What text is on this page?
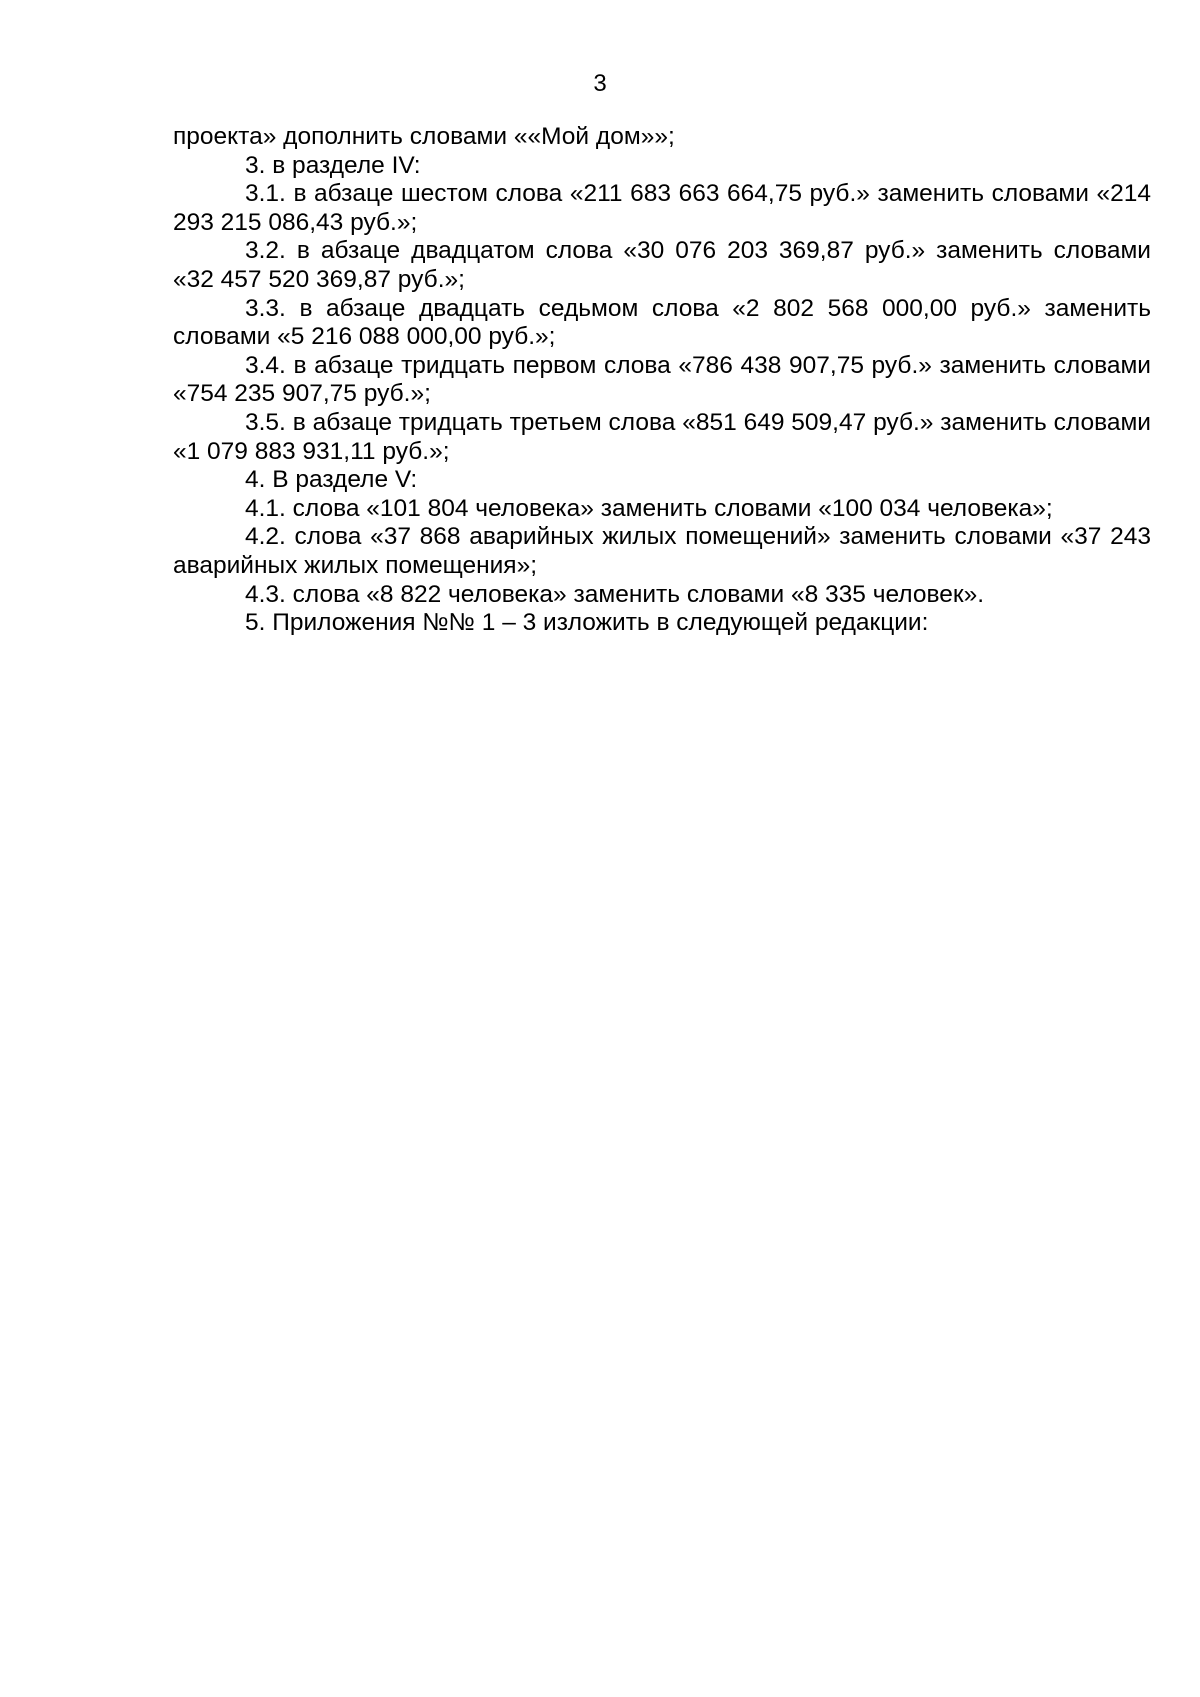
3

проекта» дополнить словами ««Мой дом»»;

3. в разделе IV:

3.1. в абзаце шестом слова «211 683 663 664,75 руб.» заменить словами «214 293 215 086,43 руб.»;

3.2. в абзаце двадцатом слова «30 076 203 369,87 руб.» заменить словами «32 457 520 369,87 руб.»;

3.3. в абзаце двадцать седьмом слова «2 802 568 000,00 руб.» заменить словами «5 216 088 000,00 руб.»;

3.4. в абзаце тридцать первом слова «786 438 907,75 руб.» заменить словами «754 235 907,75 руб.»;

3.5. в абзаце тридцать третьем слова «851 649 509,47 руб.» заменить словами «1 079 883 931,11 руб.»;

4. В разделе V:

4.1. слова «101 804 человека» заменить словами «100 034 человека»;

4.2. слова «37 868 аварийных жилых помещений» заменить словами «37 243 аварийных жилых помещения»;

4.3. слова «8 822 человека» заменить словами «8 335 человек».

5. Приложения №№ 1 – 3 изложить в следующей редакции:
